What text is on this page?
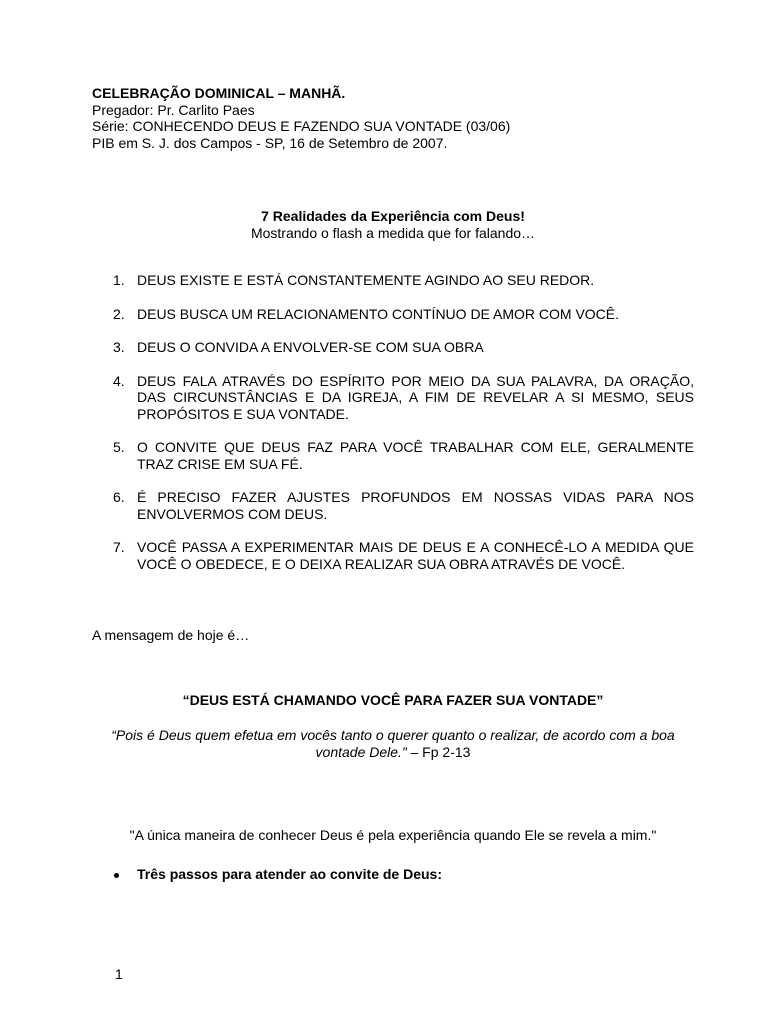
CELEBRAÇÃO DOMINICAL – MANHÃ.
Pregador: Pr. Carlito Paes
Série: CONHECENDO DEUS E FAZENDO SUA VONTADE (03/06)
PIB em S. J. dos Campos - SP, 16 de Setembro de 2007.
7 Realidades da Experiência com Deus!
Mostrando o flash a medida que for falando…
1. DEUS EXISTE E ESTÁ CONSTANTEMENTE AGINDO AO SEU REDOR.
2. DEUS BUSCA UM RELACIONAMENTO CONTÍNUO DE AMOR COM VOCÊ.
3. DEUS O CONVIDA A ENVOLVER-SE COM SUA OBRA
4. DEUS FALA ATRAVÉS DO ESPÍRITO POR MEIO DA SUA PALAVRA, DA ORAÇÃO, DAS CIRCUNSTÂNCIAS E DA IGREJA, A FIM DE REVELAR A SI MESMO, SEUS PROPÓSITOS E SUA VONTADE.
5. O CONVITE QUE DEUS FAZ PARA VOCÊ TRABALHAR COM ELE, GERALMENTE TRAZ CRISE EM SUA FÉ.
6. É PRECISO FAZER AJUSTES PROFUNDOS EM NOSSAS VIDAS PARA NOS ENVOLVERMOS COM DEUS.
7. VOCÊ PASSA A EXPERIMENTAR MAIS DE DEUS E A CONHECÊ-LO A MEDIDA QUE VOCÊ O OBEDECE, E O DEIXA REALIZAR SUA OBRA ATRAVÉS DE VOCÊ.
A mensagem de hoje é…
“DEUS ESTÁ CHAMANDO VOCÊ PARA FAZER SUA VONTADE”
“Pois é Deus quem efetua em vocês tanto o querer quanto o realizar, de acordo com a boa vontade Dele.” – Fp 2-13
"A única maneira de conhecer Deus é pela experiência quando Ele se revela a mim."
Três passos para atender ao convite de Deus:
1
